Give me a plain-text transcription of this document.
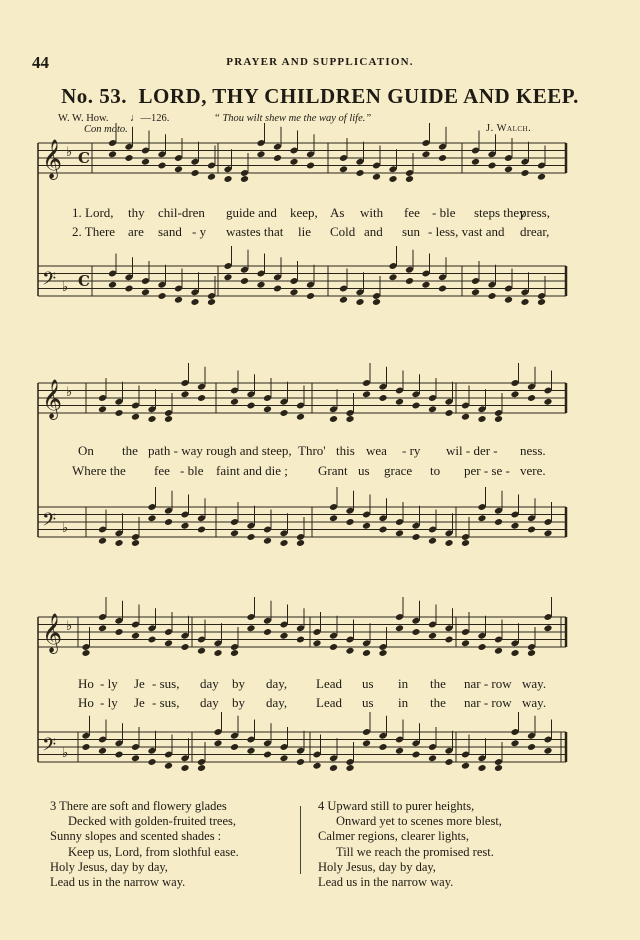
44	PRAYER AND SUPPLICATION.
No. 53. LORD, THY CHILDREN GUIDE AND KEEP.
W. W. How. ♩—126.	“ Thou wilt shew me the way of life.”
J. Walch.
Con moto.
𝄞 ♭ C
𝄢 ♭ C
𝄞 ♭
𝄢 ♭
𝄞 ♭
𝄢 ♭
1. Lord, thy chil-dren guide and keep, As with fee - ble steps they
press,
2. There are sand - y wastes that lie Cold and sun - less, vast and drear,
On the path - way rough and steep, Thro' this wea - ry wil - der - ness.
Where the fee - ble faint and die ; Grant us grace to per - se - vere.
Ho - ly Je - sus, day by day, Lead us in the nar - row way.
Ho - ly Je - sus, day by day, Lead us in the nar - row way.
3 There are soft and flowery glades
Decked with golden-fruited trees,
Sunny slopes and scented shades :
Keep us, Lord, from slothful ease.
Holy Jesus, day by day,
Lead us in the narrow way.
4 Upward still to purer heights,
Onward yet to scenes more blest,
Calmer regions, clearer lights,
Till we reach the promised rest.
Holy Jesus, day by day,
Lead us in the narrow way.
